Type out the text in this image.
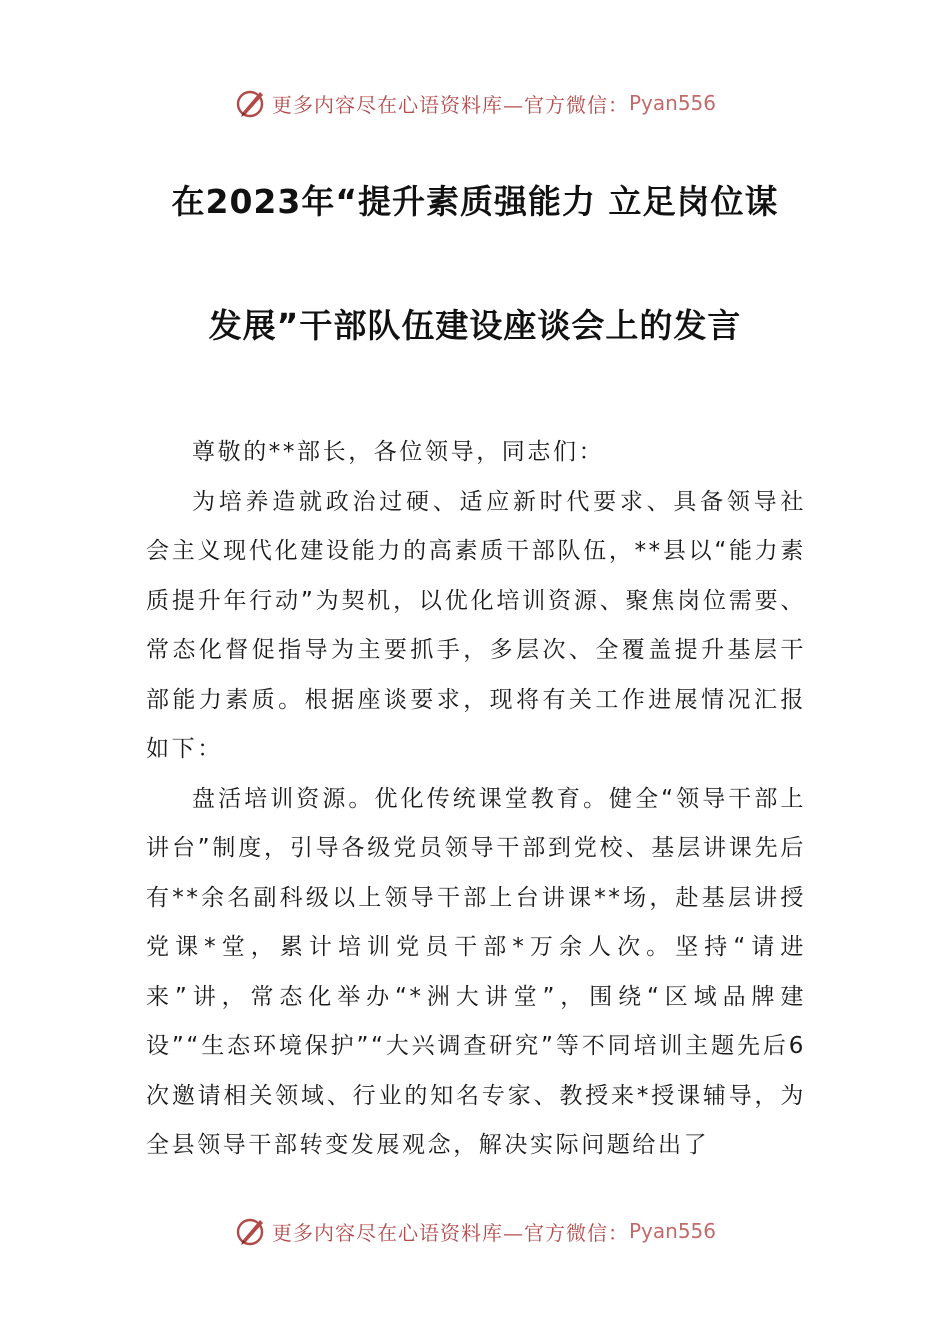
更多内容尽在心语资料库—官方微信： Pyan556
在2023年“提升素质强能力 立足岗位谋
发展”干部队伍建设座谈会上的发言

尊敬的**部长，各位领导，同志们：

为培养造就政治过硬、适应新时代要求、具备领导社会主义现代化建设能力的高素质干部队伍，**县以“能力素质提升年行动”为契机，以优化培训资源、聚焦岗位需要、常态化督促指导为主要抓手，多层次、全覆盖提升基层干部能力素质。根据座谈要求，现将有关工作进展情况汇报如下：

盘活培训资源。优化传统课堂教育。健全“领导干部上讲台”制度，引导各级党员领导干部到党校、基层讲课先后有**余名副科级以上领导干部上台讲课**场，赴基层讲授党课*堂，累计培训党员干部*万余人次。坚持“请进来”讲，常态化举办“*洲大讲堂”，围绕“区域品牌建设”“生态环境保护”“大兴调查研究”等不同培训主题先后6次邀请相关领域、行业的知名专家、教授来*授课辅导，为全县领导干部转变发展观念，解决实际问题给出了

更多内容尽在心语资料库—官方微信： Pyan556
